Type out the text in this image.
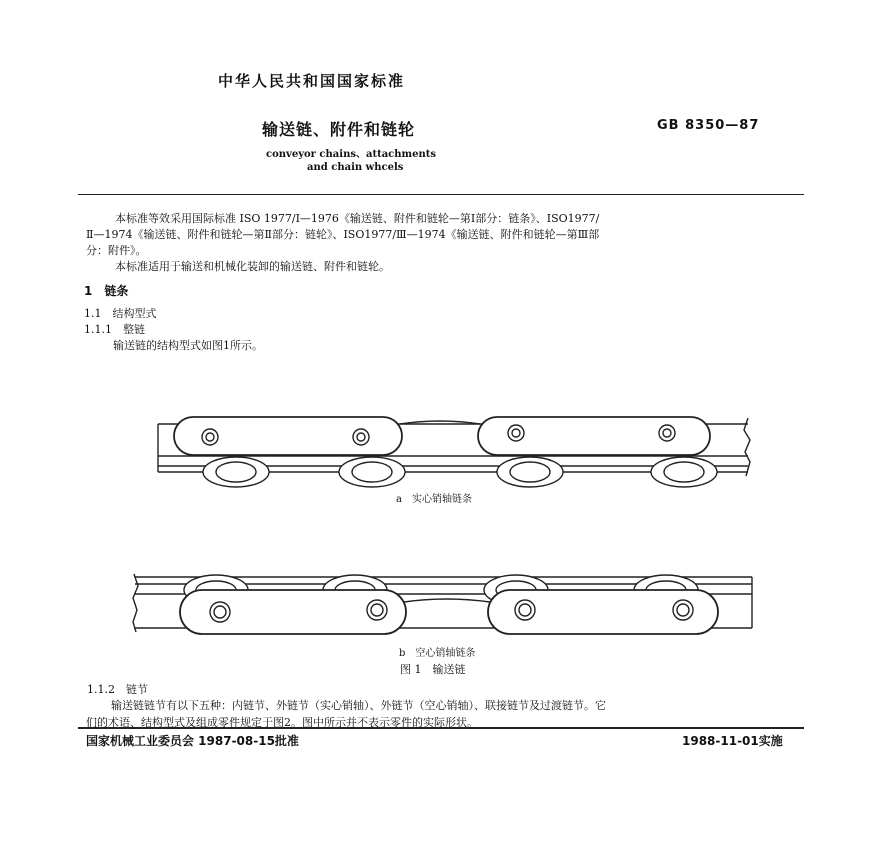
中华人民共和国国家标准
输送链、附件和链轮	GB 8350—87
conveyor chains、attachments
and chain whcels
本标准等效采用国际标准 ISO 1977/Ⅰ—1976《输送链、附件和链轮—第Ⅰ部分：链条》、ISO1977/
Ⅱ—1974《输送链、附件和链轮—第Ⅱ部分：链轮》、ISO1977/Ⅲ—1974《输送链、附件和链轮—第Ⅲ部
分：附件》。
本标准适用于输送和机械化装卸的输送链、附件和链轮。
1　链条
1.1　结构型式
1.1.1　整链
输送链的结构型式如图1所示。
a　实心销轴链条
b　空心销轴链条
图 1　输送链
1.1.2　链节
输送链链节有以下五种：内链节、外链节（实心销轴）、外链节（空心销轴）、联接链节及过渡链节。它
们的术语、结构型式及组成零件规定于图2。图中所示并不表示零件的实际形状。
国家机械工业委员会 1987-08-15批准	1988-11-01实施
